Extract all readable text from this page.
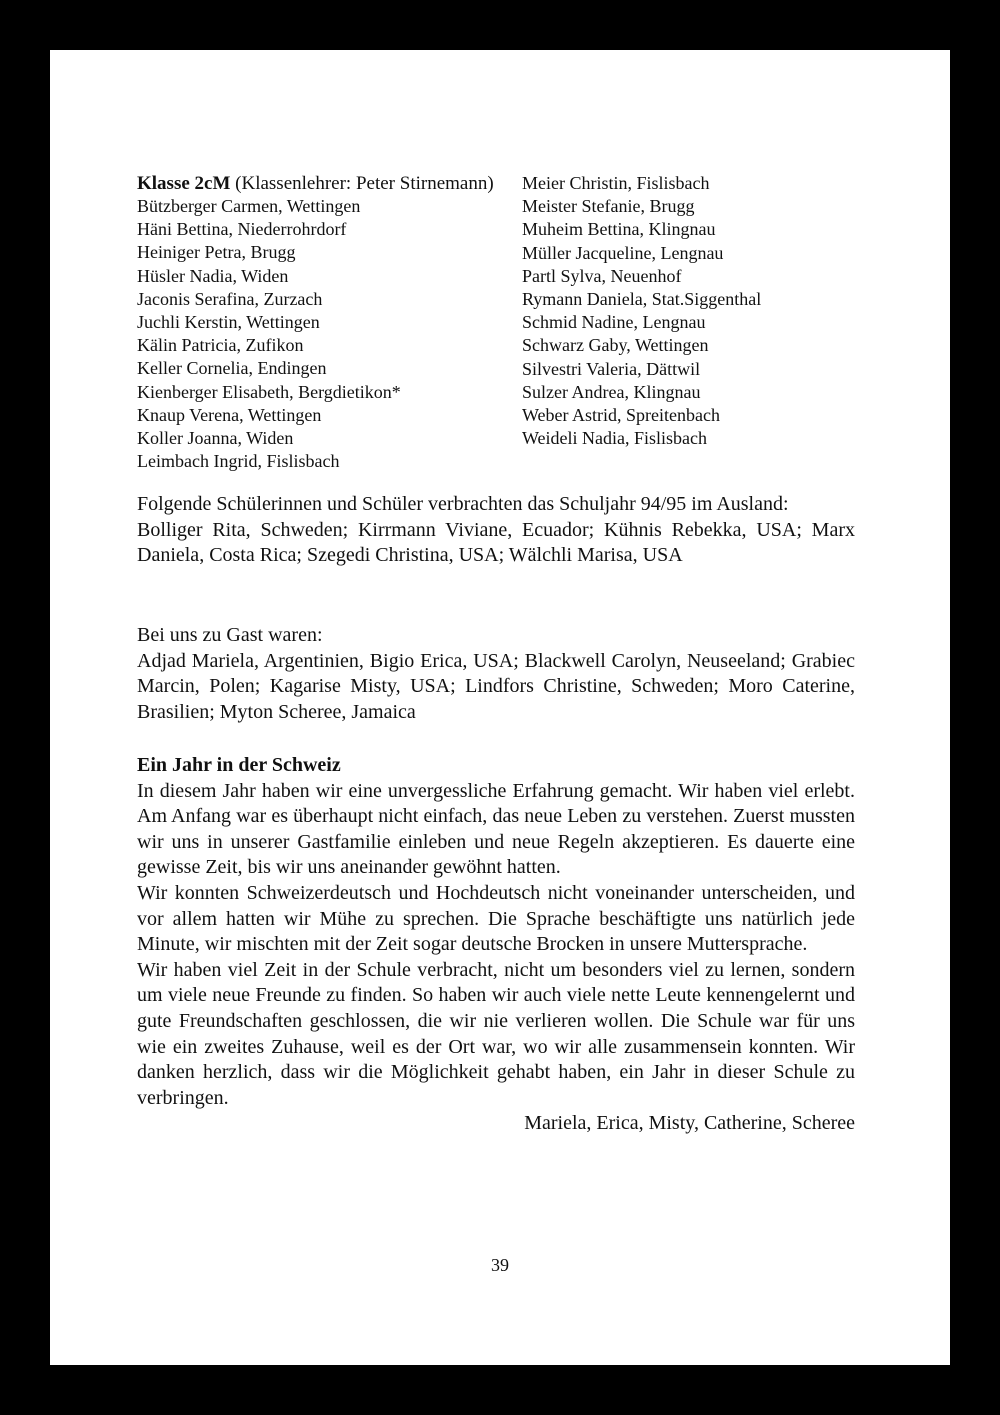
Klasse 2cM (Klassenlehrer: Peter Stirnemann)
Bützberger Carmen, Wettingen
Häni Bettina, Niederrohrdorf
Heiniger Petra, Brugg
Hüsler Nadia, Widen
Jaconis Serafina, Zurzach
Juchli Kerstin, Wettingen
Kälin Patricia, Zufikon
Keller Cornelia, Endingen
Kienberger Elisabeth, Bergdietikon*
Knaup Verena, Wettingen
Koller Joanna, Widen
Leimbach Ingrid, Fislisbach
Meier Christin, Fislisbach
Meister Stefanie, Brugg
Muheim Bettina, Klingnau
Müller Jacqueline, Lengnau
Partl Sylva, Neuenhof
Rymann Daniela, Stat.Siggenthal
Schmid Nadine, Lengnau
Schwarz Gaby, Wettingen
Silvestri Valeria, Dättwil
Sulzer Andrea, Klingnau
Weber Astrid, Spreitenbach
Weideli Nadia, Fislisbach
Folgende Schülerinnen und Schüler verbrachten das Schuljahr 94/95 im Ausland:
Bolliger Rita, Schweden; Kirrmann Viviane, Ecuador; Kühnis Rebekka, USA; Marx Daniela, Costa Rica; Szegedi Christina, USA; Wälchli Marisa, USA
Bei uns zu Gast waren:
Adjad Mariela, Argentinien, Bigio Erica, USA; Blackwell Carolyn, Neuseeland; Grabiec Marcin, Polen; Kagarise Misty, USA; Lindfors Christine, Schweden; Moro Caterine, Brasilien; Myton Scheree, Jamaica
Ein Jahr in der Schweiz
In diesem Jahr haben wir eine unvergessliche Erfahrung gemacht. Wir haben viel erlebt. Am Anfang war es überhaupt nicht einfach, das neue Leben zu verstehen. Zuerst mussten wir uns in unserer Gastfamilie einleben und neue Regeln akzeptieren. Es dauerte eine gewisse Zeit, bis wir uns aneinander gewöhnt hatten.
Wir konnten Schweizerdeutsch und Hochdeutsch nicht voneinander unterscheiden, und vor allem hatten wir Mühe zu sprechen. Die Sprache beschäftigte uns natürlich jede Minute, wir mischten mit der Zeit sogar deutsche Brocken in unsere Muttersprache.
Wir haben viel Zeit in der Schule verbracht, nicht um besonders viel zu lernen, sondern um viele neue Freunde zu finden. So haben wir auch viele nette Leute kennengelernt und gute Freundschaften geschlossen, die wir nie verlieren wollen. Die Schule war für uns wie ein zweites Zuhause, weil es der Ort war, wo wir alle zusammensein konnten. Wir danken herzlich, dass wir die Möglichkeit gehabt haben, ein Jahr in dieser Schule zu verbringen.
Mariela, Erica, Misty, Catherine, Scheree
39
